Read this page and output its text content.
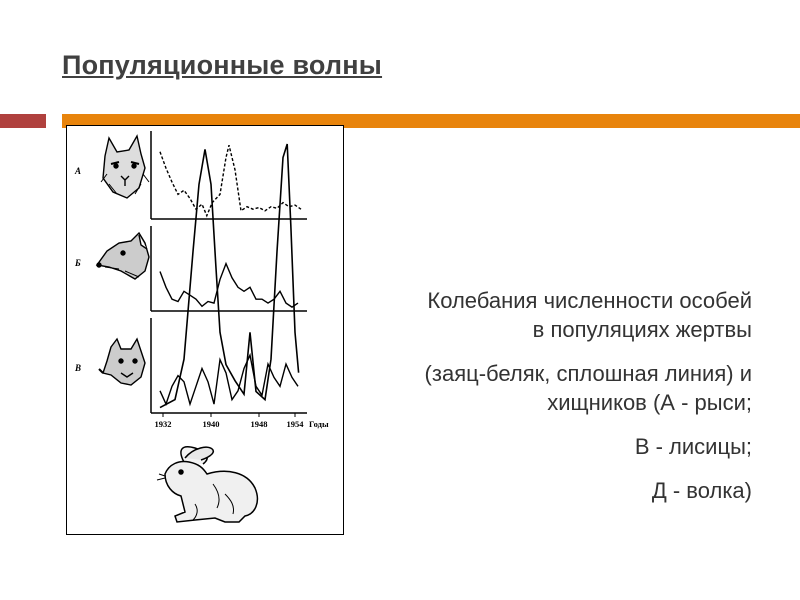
Популяционные волны
А
Б
В
1932	1940	1948 1954 Годы

Колебания численности особей в популяциях жертвы

(заяц-беляк, сплошная линия) и хищников (А - рыси;

В - лисицы;

Д - волка)
